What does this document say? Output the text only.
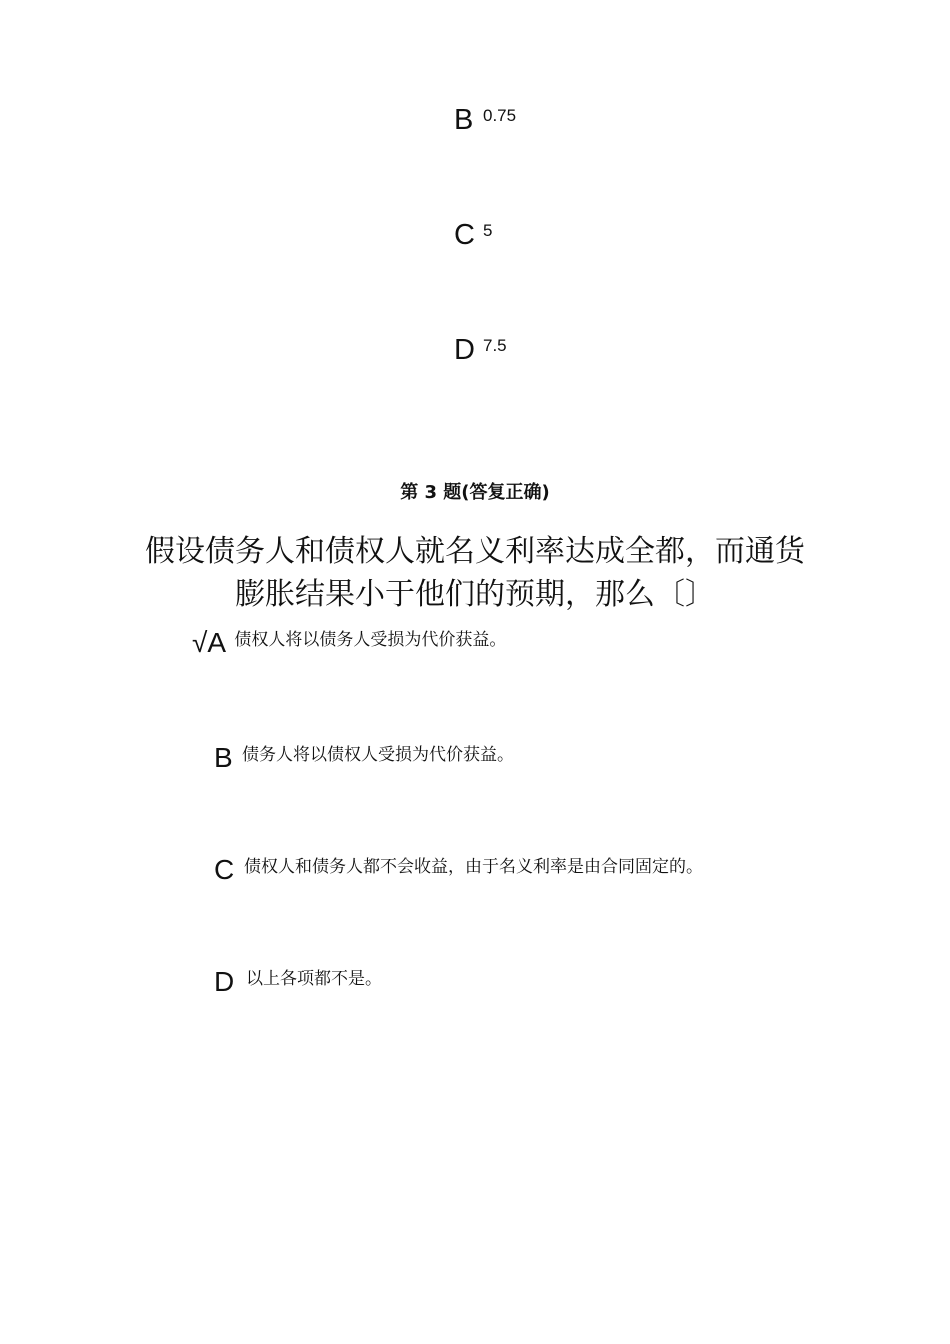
B 0.75
C 5
D 7.5
第 3 题(答复正确)
假设债务人和债权人就名义利率达成全都，而通货膨胀结果小于他们的预期，那么〔〕
√ A 债权人将以债务人受损为代价获益。
B 债务人将以债权人受损为代价获益。
C 债权人和债务人都不会收益，由于名义利率是由合同固定的。
D 以上各项都不是。
